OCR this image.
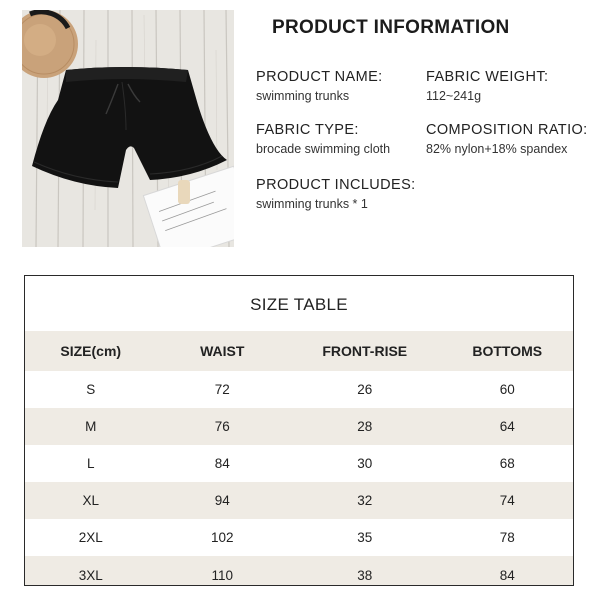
PRODUCT INFORMATION
PRODUCT NAME:
swimming trunks
FABRIC WEIGHT:
112~241g
FABRIC TYPE:
brocade swimming cloth
COMPOSITION RATIO:
82% nylon+18% spandex
PRODUCT INCLUDES:
swimming trunks * 1
SIZE TABLE
SIZE(cm)	WAIST	FRONT-RISE	BOTTOMS
S	72	26	60
M	76	28	64
L	84	30	68
XL	94	32	74
2XL	102	35	78
3XL	110	38	84
